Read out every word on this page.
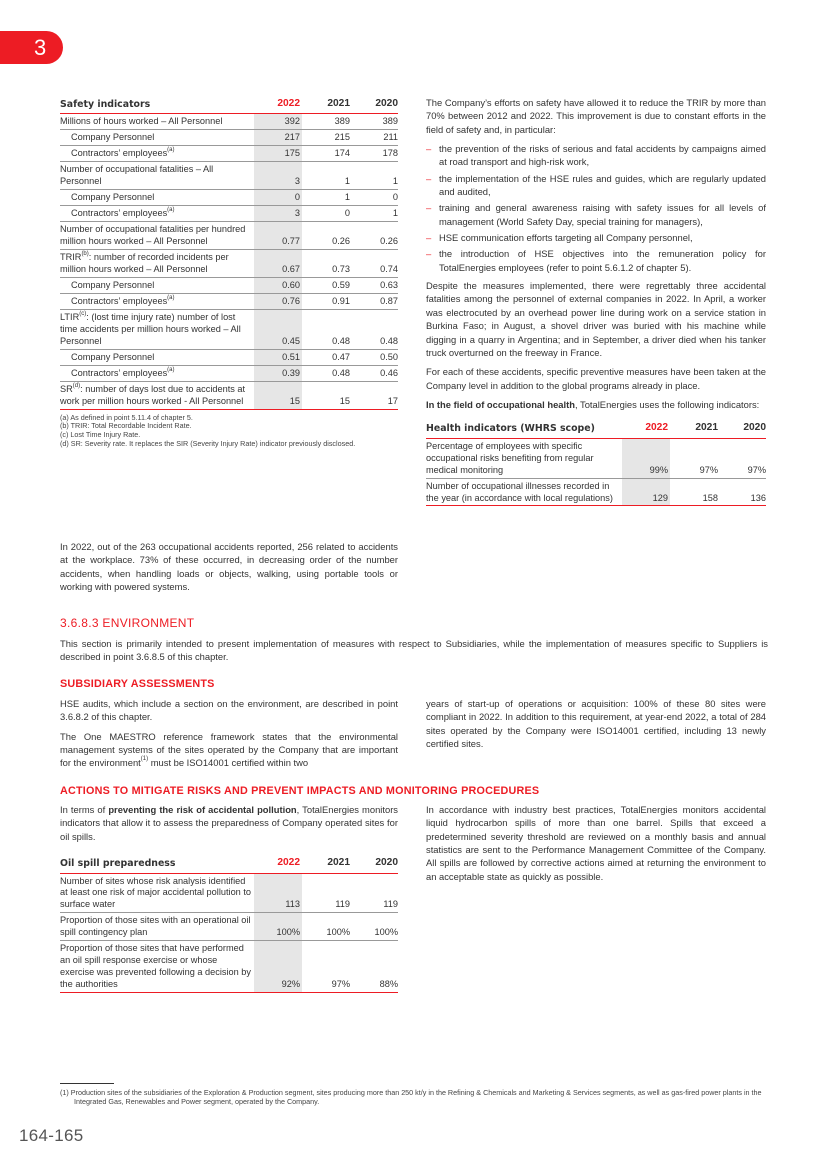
3
Safety indicators	2022	2021	2020
Millions of hours worked – All Personnel	392	389	389
Company Personnel	217	215	211
Contractors’ employees$^{(a)}$	175	174	178
Number of occupational fatalities – All Personnel	3	1	1
Company Personnel	0	1	0
Contractors’ employees$^{(a)}$	3	0	1
Number of occupational fatalities per hundred million hours worked – All Personnel	0.77	0.26	0.26
TRIR$^{(b)}$: number of recorded incidents per million hours worked – All Personnel	0.67	0.73	0.74
Company Personnel	0.60	0.59	0.63
Contractors’ employees$^{(a)}$	0.76	0.91	0.87
LTIR$^{(c)}$: (lost time injury rate) number of lost time accidents per million hours worked – All Personnel	0.45	0.48	0.48
Company Personnel	0.51	0.47	0.50
Contractors’ employees$^{(a)}$	0.39	0.48	0.46
SR$^{(d)}$: number of days lost due to accidents at work per million hours worked - All Personnel	15	15	17
(a) As defined in point 5.11.4 of chapter 5.
(b) TRIR: Total Recordable Incident Rate.
(c) Lost Time Injury Rate.
(d) SR: Severity rate. It replaces the SIR (Severity Injury Rate) indicator previously disclosed.

In 2022, out of the 263 occupational accidents reported, 256 related to accidents at the workplace. 73% of these occurred, in decreasing order of the number accidents, when handling loads or objects, walking, using portable tools or working with powered systems.

The Company’s efforts on safety have allowed it to reduce the TRIR by more than 70% between 2012 and 2022. This improvement is due to constant efforts in the field of safety and, in particular:

– the prevention of the risks of serious and fatal accidents by campaigns aimed at road transport and high-risk work,
– the implementation of the HSE rules and guides, which are regularly updated and audited,
– training and general awareness raising with safety issues for all levels of management (World Safety Day, special training for managers),
– HSE communication efforts targeting all Company personnel,
– the introduction of HSE objectives into the remuneration policy for TotalEnergies employees (refer to point 5.6.1.2 of chapter 5).

Despite the measures implemented, there were regrettably three accidental fatalities among the personnel of external companies in 2022. In April, a worker was electrocuted by an overhead power line during work on a service station in Burkina Faso; in August, a shovel driver was buried with his machine while digging in a quarry in Argentina; and in September, a driver died when his tanker truck overturned on the freeway in France.

For each of these accidents, specific preventive measures have been taken at the Company level in addition to the global programs already in place.

In the field of occupational health, TotalEnergies uses the following indicators:

Health indicators (WHRS scope)	2022	2021	2020
Percentage of employees with specific occupational risks benefiting from regular medical monitoring	99%	97%	97%
Number of occupational illnesses recorded in the year (in accordance with local regulations)	129	158	136
3.6.8.3 ENVIRONMENT

This section is primarily intended to present implementation of measures with respect to Subsidiaries, while the implementation of measures specific to Suppliers is described in point 3.6.8.5 of this chapter.

SUBSIDIARY ASSESSMENTS

HSE audits, which include a section on the environment, are described in point 3.6.8.2 of this chapter.

The One MAESTRO reference framework states that the environmental management systems of the sites operated by the Company that are important for the environment$^{(1)}$ must be ISO14001 certified within two

years of start-up of operations or acquisition: 100% of these 80 sites were compliant in 2022. In addition to this requirement, at year-end 2022, a total of 284 sites operated by the Company were ISO14001 certified, including 13 newly certified sites.

ACTIONS TO MITIGATE RISKS AND PREVENT IMPACTS AND MONITORING PROCEDURES

In terms of preventing the risk of accidental pollution, TotalEnergies monitors indicators that allow it to assess the preparedness of Company operated sites for oil spills.

Oil spill preparedness	2022	2021	2020
Number of sites whose risk analysis identified at least one risk of major accidental pollution to surface water	113	119	119
Proportion of those sites with an operational oil spill contingency plan	100%	100%	100%
Proportion of those sites that have performed an oil spill response exercise or whose exercise was prevented following a decision by the authorities	92%	97%	88%

In accordance with industry best practices, TotalEnergies monitors accidental liquid hydrocarbon spills of more than one barrel. Spills that exceed a predetermined severity threshold are reviewed on a monthly basis and annual statistics are sent to the Performance Management Committee of the Company. All spills are followed by corrective actions aimed at returning the environment to an acceptable state as quickly as possible.

(1) Production sites of the subsidiaries of the Exploration & Production segment, sites producing more than 250 kt/y in the Refining & Chemicals and Marketing & Services segments, as well as gas-fired power plants in the Integrated Gas, Renewables and Power segment, operated by the Company.
164-165
